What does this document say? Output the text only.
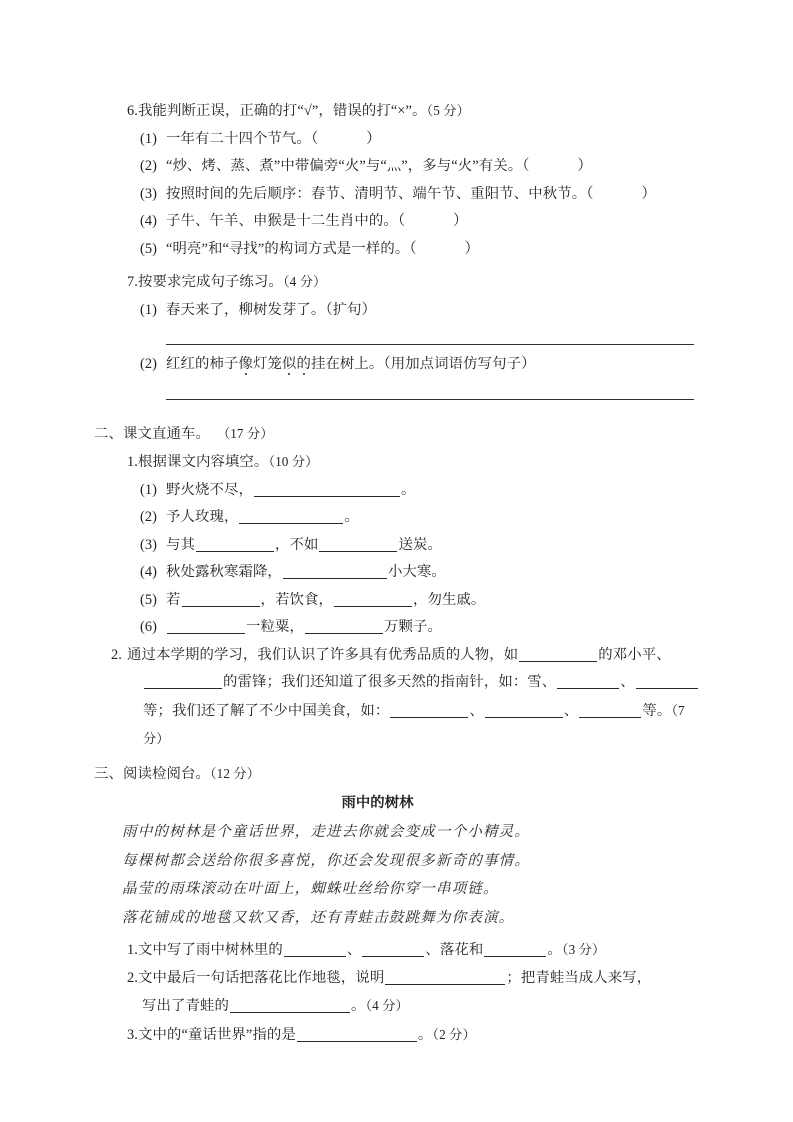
6.我能判断正误，正确的打“√”，错误的打“×”。（5 分）
(1) 一年有二十四个节气。（	）
(2) “炒、烤、蒸、煮”中带偏旁“火”与“灬”，多与“火”有关。（	）
(3) 按照时间的先后顺序：春节、清明节、端午节、重阳节、中秋节。（	）
(4) 子牛、午羊、申猴是十二生肖中的。（	）
(5) “明亮”和“寻找”的构词方式是一样的。（	）
7.按要求完成句子练习。（4 分）
(1) 春天来了，柳树发芽了。（扩句）
(2) 红红的柿子像灯笼似的挂在树上。（用加点词语仿写句子）
二、课文直通车。 （17 分）
1.根据课文内容填空。（10 分）
(1) 野火烧不尽，	。
(2) 予人玫瑰，	。
(3) 与其	，不如	送炭。
(4) 秋处露秋寒霜降，	小大寒。
(5) 若	，若饮食，	，勿生戚。
(6)	一粒粟，	万颗子。
2. 通过本学期的学习，我们认识了许多具有优秀品质的人物，如	的邓小平、的雷锋；我们还知道了很多天然的指南针，如：雪、	、等；我们还了解了不少中国美食，如：	、	、	等。（7 分）
三、阅读检阅台。（12 分）
雨中的树林
雨中的树林是个童话世界，走进去你就会变成一个小精灵。
每棵树都会送给你很多喜悦，你还会发现很多新奇的事情。
晶莹的雨珠滚动在叶面上，蜘蛛吐丝给你穿一串项链。
落花铺成的地毯又软又香，还有青蛙击鼓跳舞为你表演。
1.文中写了雨中树林里的	、	、落花和	。（3 分）
2.文中最后一句话把落花比作地毯，说明	；把青蛙当成人来写，
写出了青蛙的	。（4 分）
3.文中的“童话世界”指的是	。（2 分）
